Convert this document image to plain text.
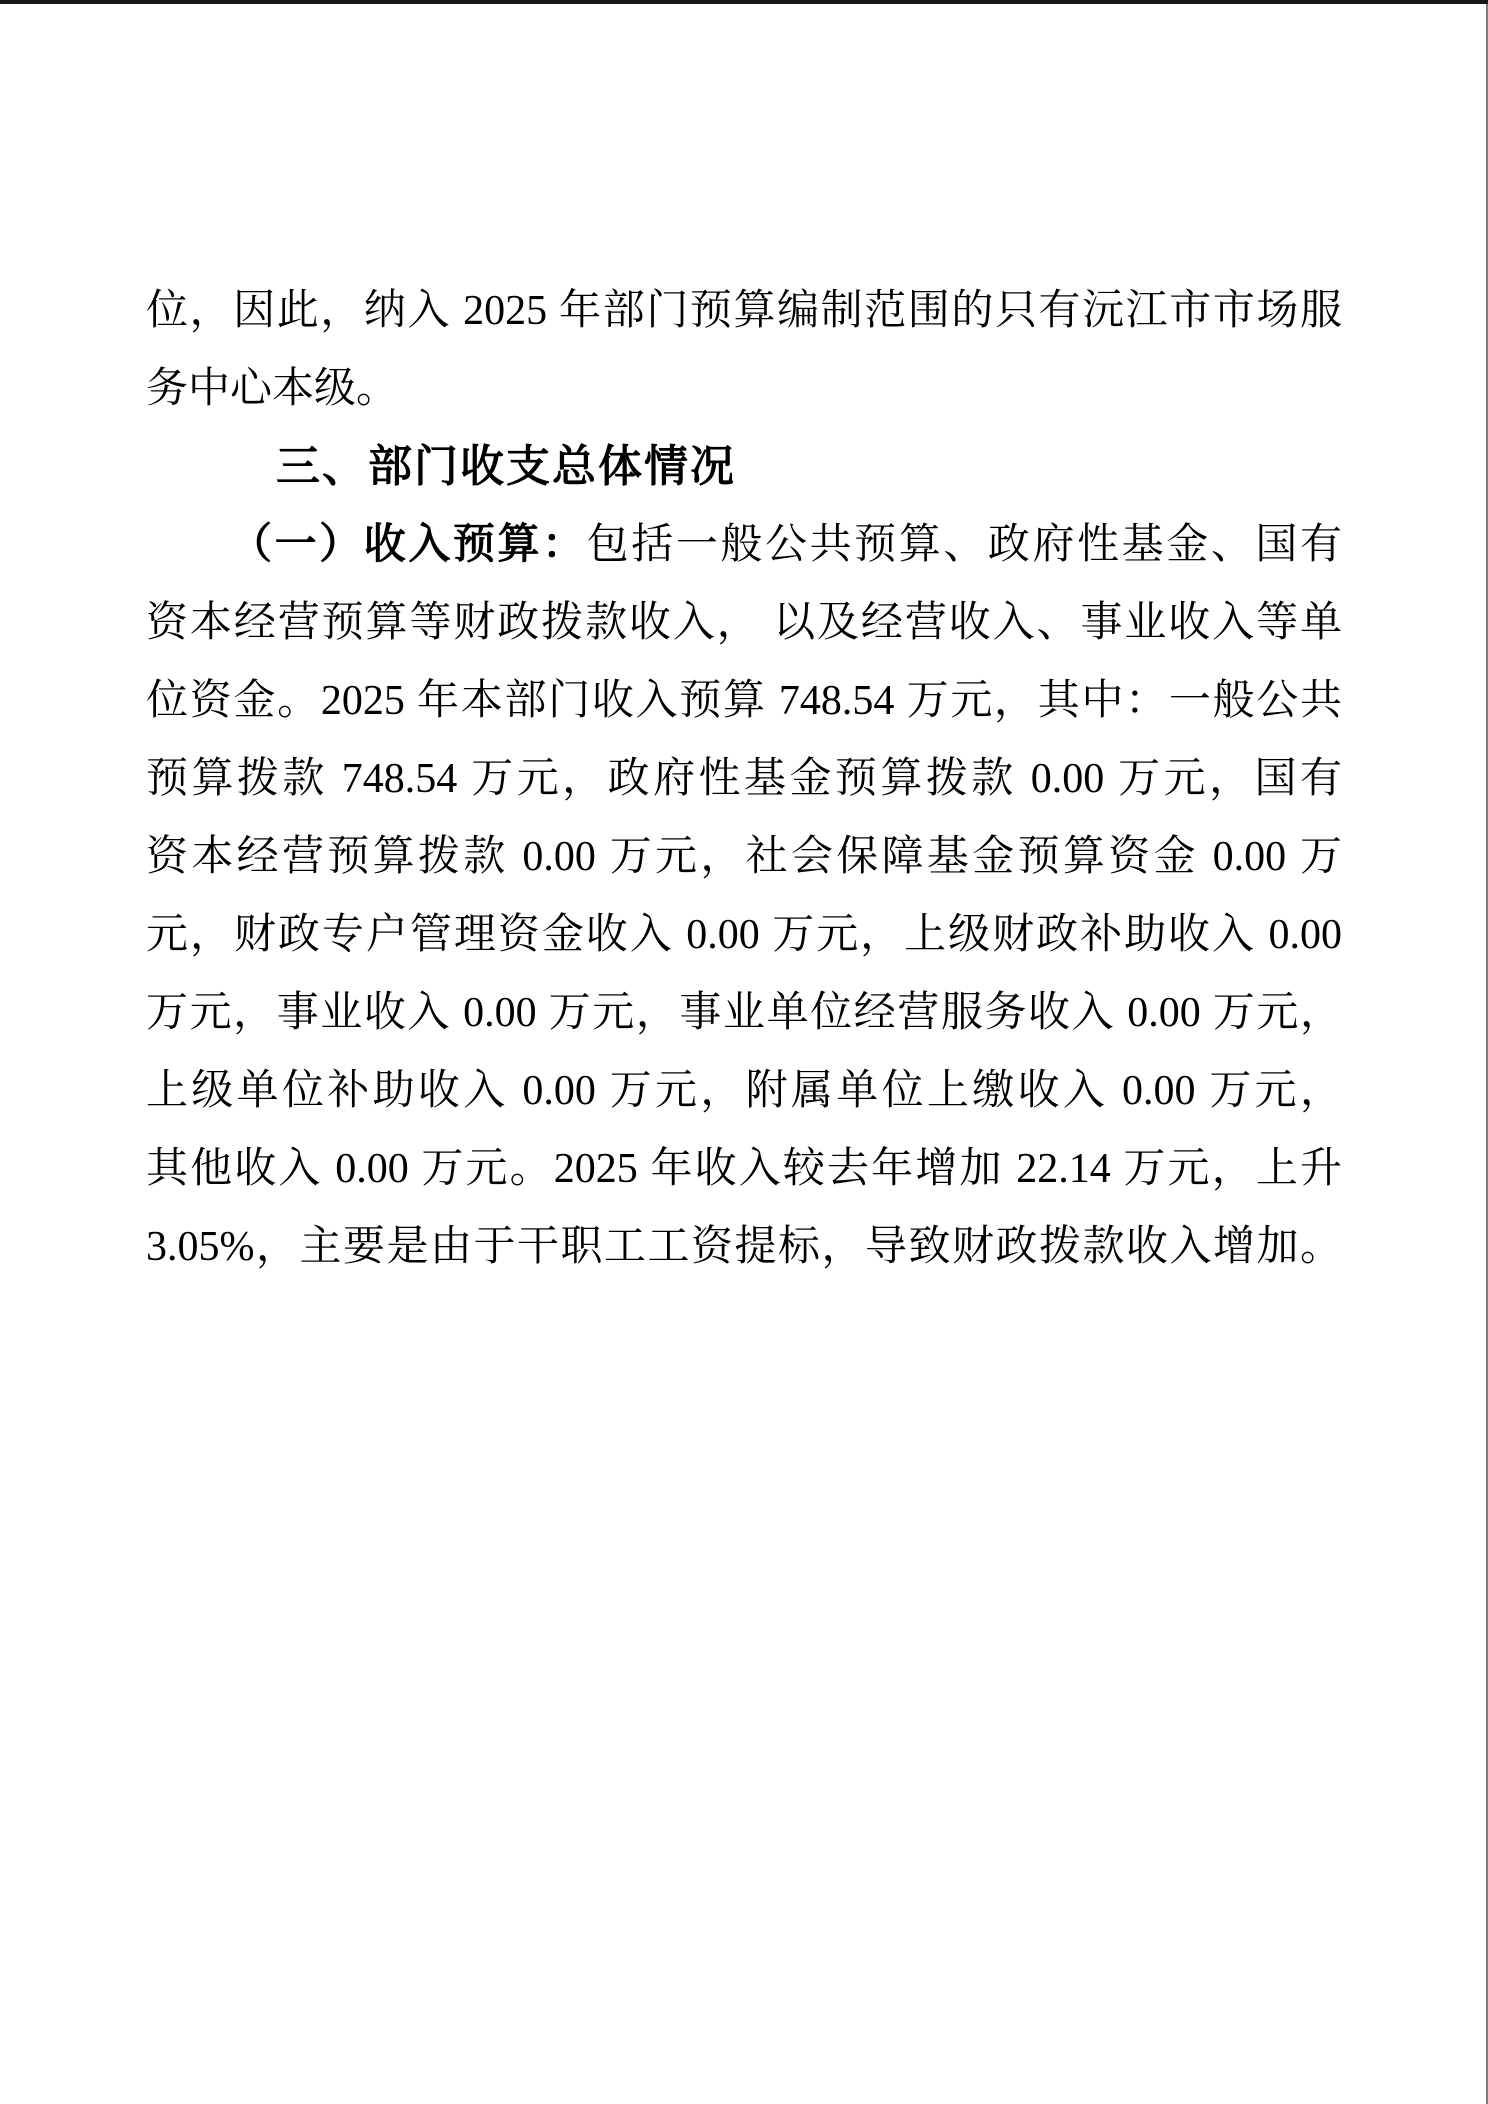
位，因此，纳入 2025 年部门预算编制范围的只有沅江市市场服

务中心本级。

三、部门收支总体情况

（一）收入预算：包括一般公共预算、政府性基金、国有

资本经营预算等财政拨款收入， 以及经营收入、事业收入等单

位资金。2025 年本部门收入预算 748.54 万元，其中：一般公共

预算拨款 748.54 万元，政府性基金预算拨款 0.00 万元，国有

资本经营预算拨款 0.00 万元，社会保障基金预算资金 0.00 万

元，财政专户管理资金收入 0.00 万元，上级财政补助收入 0.00

万元，事业收入 0.00 万元，事业单位经营服务收入 0.00 万元，

上级单位补助收入 0.00 万元，附属单位上缴收入 0.00 万元，

其他收入 0.00 万元。2025 年收入较去年增加 22.14 万元，上升

3.05%，主要是由于干职工工资提标，导致财政拨款收入增加。
